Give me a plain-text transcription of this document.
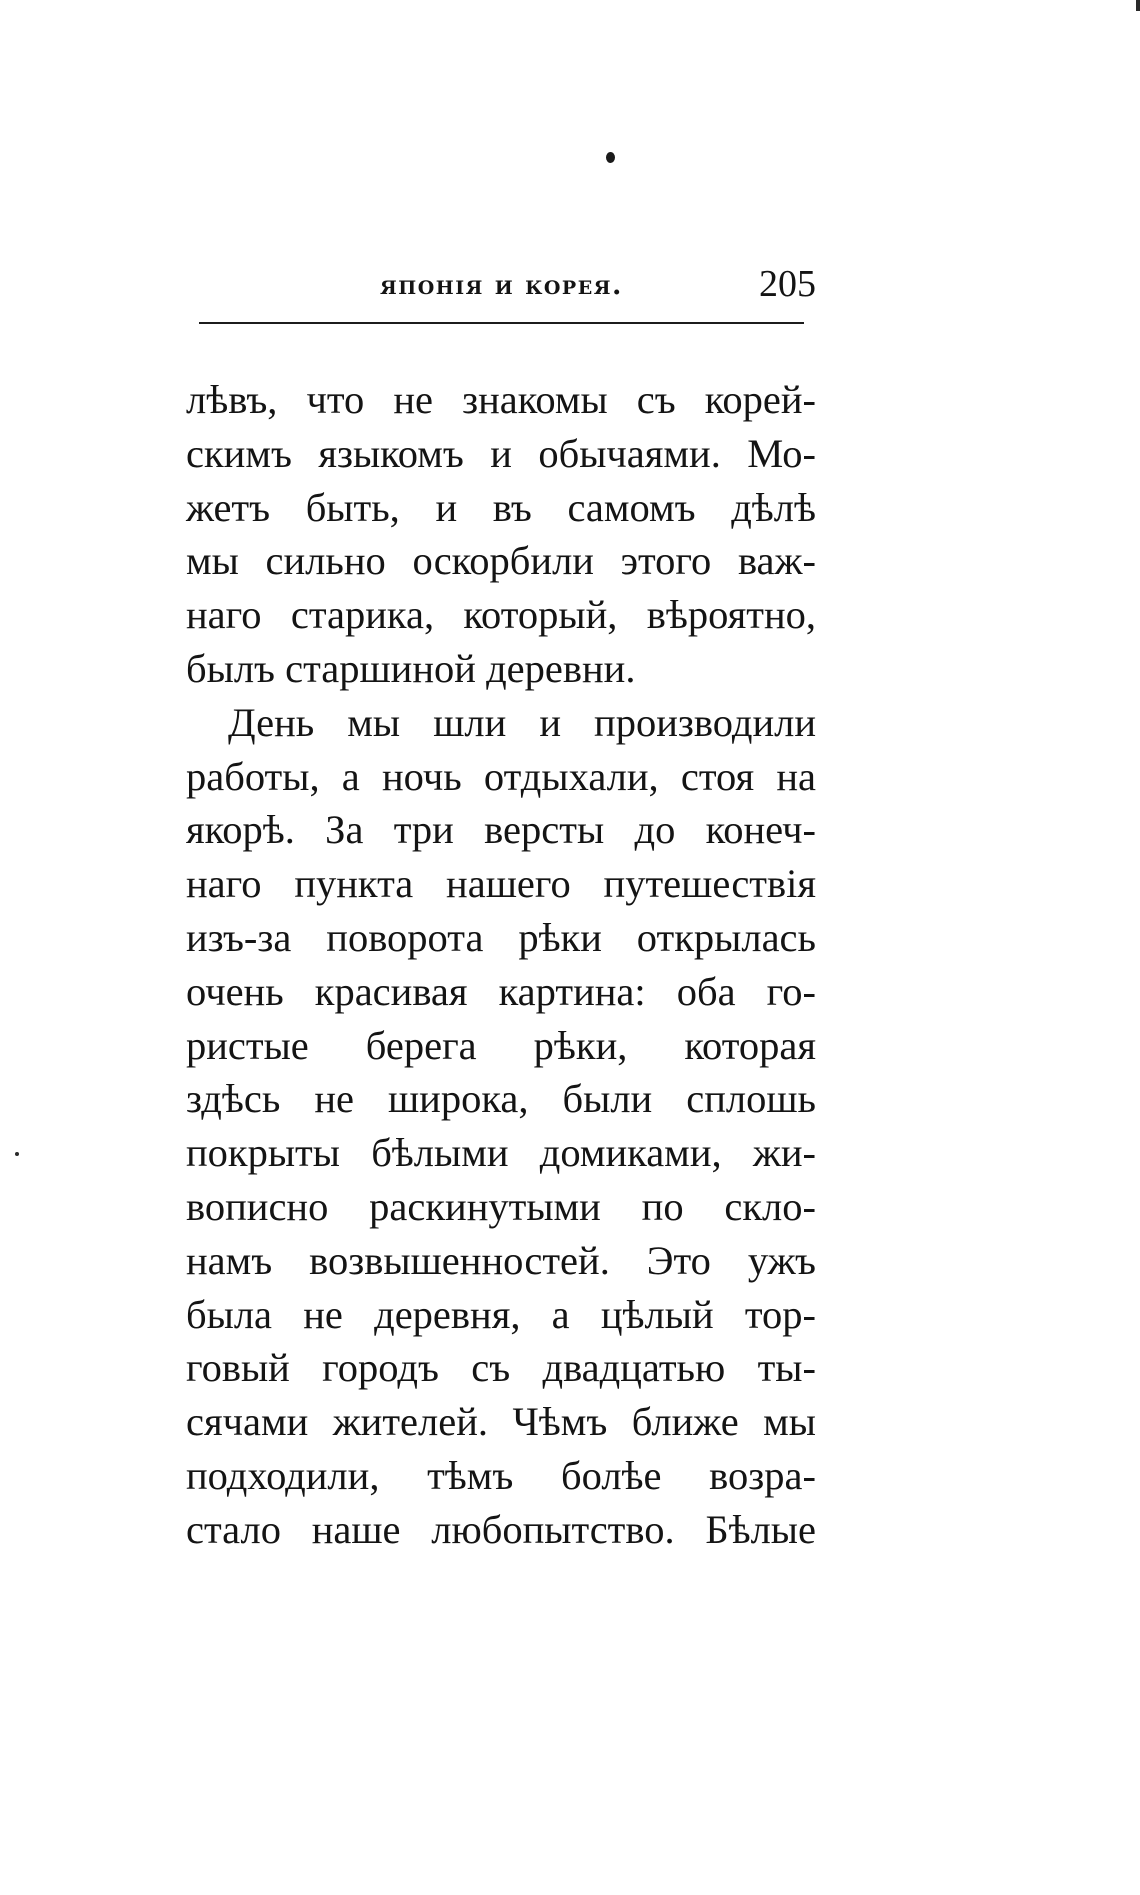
японія и корея.	205
лѣвъ, что не знакомы съ корей-
скимъ языкомъ и обычаями. Мо-
жетъ быть, и въ самомъ дѣлѣ
мы сильно оскорбили этого важ-
наго старика, который, вѣроятно,
былъ старшиной деревни.
День мы шли и производили
работы, а ночь отдыхали, стоя на
якорѣ. За три версты до конеч-
наго пункта нашего путешествія
изъ-за поворота рѣки открылась
очень красивая картина: оба го-
ристые берега рѣки, которая
здѣсь не широка, были сплошь
покрыты бѣлыми домиками, жи-
вописно раскинутыми по скло-
намъ возвышенностей. Это ужъ
была не деревня, а цѣлый тор-
говый городъ съ двадцатью ты-
сячами жителей. Чѣмъ ближе мы
подходили, тѣмъ болѣе возра-
стало наше любопытство. Бѣлые
